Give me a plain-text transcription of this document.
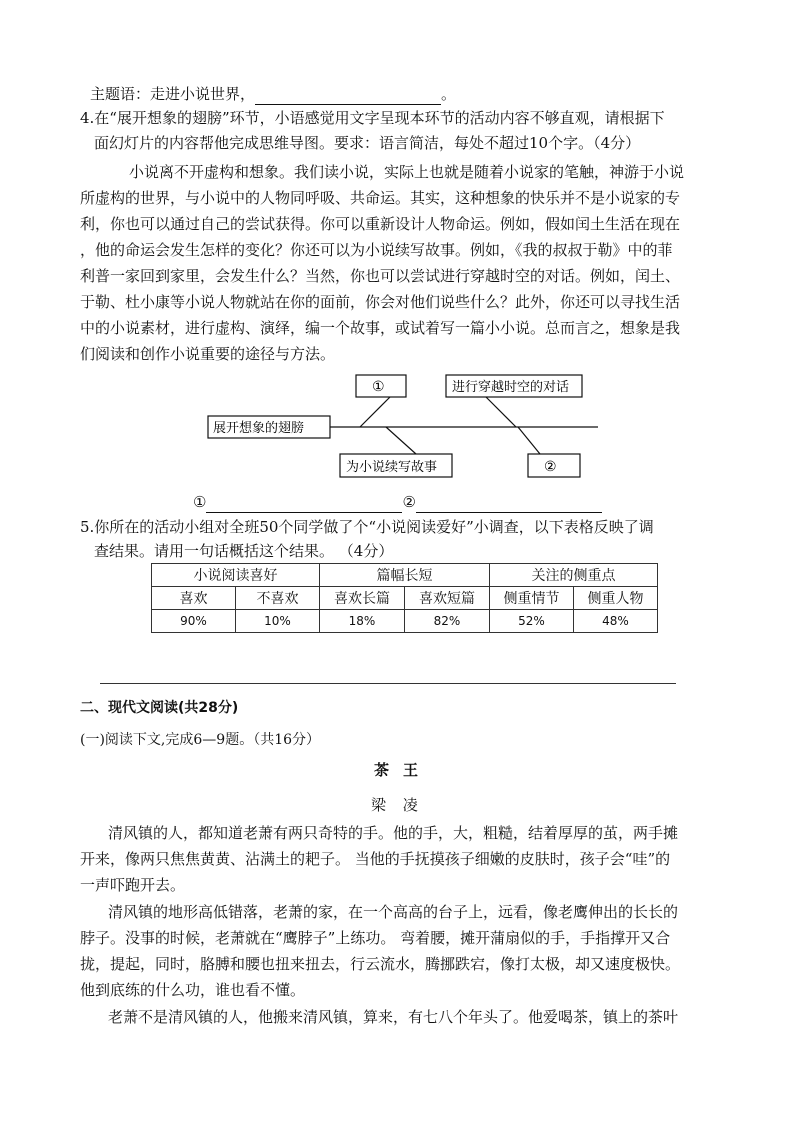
主题语：走进小说世界，	。
4.在“展开想象的翅膀”环节，小语感觉用文字呈现本环节的活动内容不够直观，请根据下
面幻灯片的内容帮他完成思维导图。要求：语言简洁，每处不超过10个字。（4分）
小说离不开虚构和想象。我们读小说，实际上也就是随着小说家的笔触，神游于小说
所虚构的世界，与小说中的人物同呼吸、共命运。其实，这种想象的快乐并不是小说家的专
利，你也可以通过自己的尝试获得。你可以重新设计人物命运。例如，假如闰土生活在现在
，他的命运会发生怎样的变化？你还可以为小说续写故事。例如，《我的叔叔于勒》中的菲
利普一家回到家里，会发生什么？当然，你也可以尝试进行穿越时空的对话。例如，闰土、
于勒、杜小康等小说人物就站在你的面前，你会对他们说些什么？此外，你还可以寻找生活
中的小说素材，进行虚构、演绎，编一个故事，或试着写一篇小小说。总而言之，想象是我
们阅读和创作小说重要的途径与方法。
展开想象的翅膀
①	进行穿越时空的对话
为小说续写故事	②
①	②
5.你所在的活动小组对全班50个同学做了个“小说阅读爱好”小调查，以下表格反映了调
查结果。请用一句话概括这个结果。 （4分）
小说阅读喜好		篇幅长短		关注的侧重点	
喜欢	不喜欢	喜欢长篇	喜欢短篇	侧重情节	侧重人物
90%	10%	18%	82%	52%	48%
二、现代文阅读(共28分)
(一)阅读下文,完成6—9题。（共16分）
茶王
梁 凌
清风镇的人，都知道老萧有两只奇特的手。他的手，大，粗糙，结着厚厚的茧，两手摊
开来，像两只焦焦黄黄、沾满土的耙子。 当他的手抚摸孩子细嫩的皮肤时，孩子会“哇”的
一声吓跑开去。
清风镇的地形高低错落，老萧的家，在一个高高的台子上，远看，像老鹰伸出的长长的
脖子。没事的时候，老萧就在“鹰脖子”上练功。 弯着腰，摊开蒲扇似的手，手指撑开又合
拢，提起，同时，胳膊和腰也扭来扭去，行云流水，腾挪跌宕，像打太极，却又速度极快。
他到底练的什么功，谁也看不懂。
老萧不是清风镇的人，他搬来清风镇，算来，有七八个年头了。他爱喝茶，镇上的茶叶
